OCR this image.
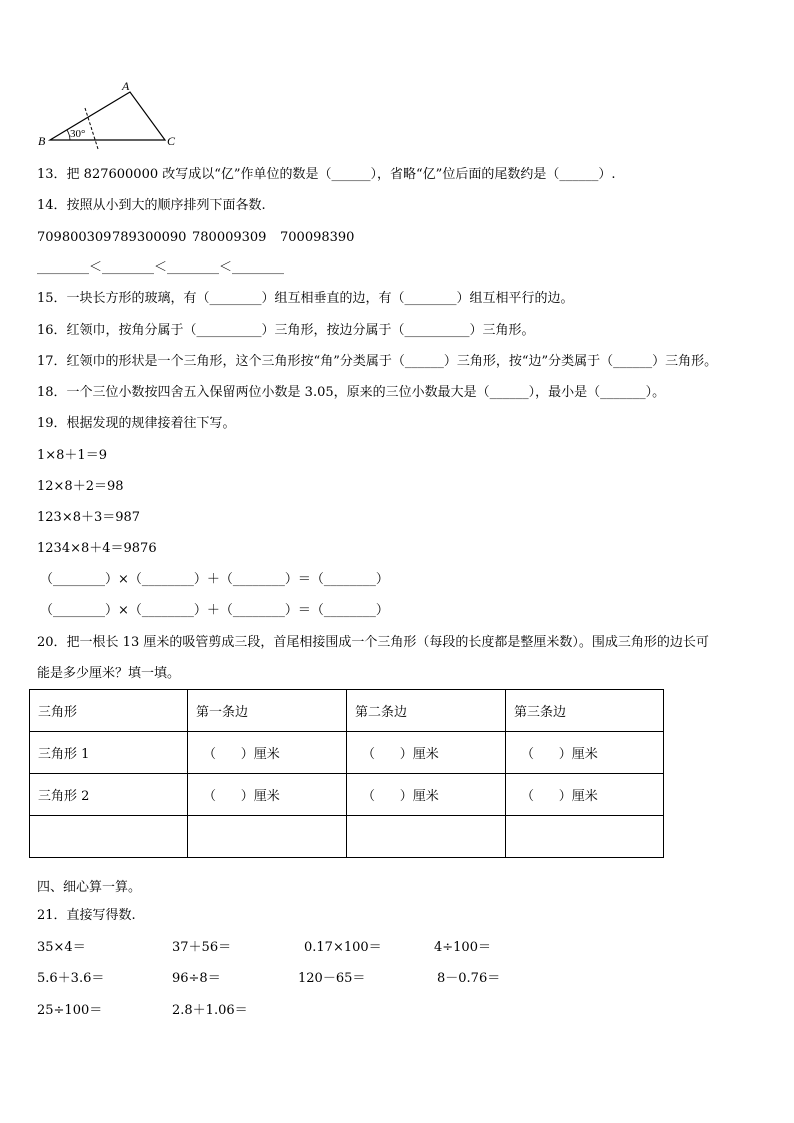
A
B	C
30°
13．把 827600000 改写成以“亿”作单位的数是（______），省略“亿”位后面的尾数约是（______）.
14．按照从小到大的顺序排列下面各数.
709800309 789300090 780009309 700098390
________＜________＜________＜________
15．一块长方形的玻璃，有（________）组互相垂直的边，有（________）组互相平行的边。
16．红领巾，按角分属于（__________）三角形，按边分属于（__________）三角形。
17．红领巾的形状是一个三角形，这个三角形按“角”分类属于（______）三角形，按“边”分类属于（______）三角形。
18．一个三位小数按四舍五入保留两位小数是 3.05，原来的三位小数最大是（______），最小是（_______）。
19．根据发现的规律接着往下写。
1×8＋1＝9
12×8＋2＝98
123×8＋3＝987
1234×8＋4＝9876
（________）×（________）＋（________）＝（________）
（________）×（________）＋（________）＝（________）
20．把一根长 13 厘米的吸管剪成三段，首尾相接围成一个三角形（每段的长度都是整厘米数）。围成三角形的边长可
能是多少厘米？填一填。
三角形	第一条边	第二条边	第三条边
三角形 1	（      ）厘米	（      ）厘米	（      ）厘米
三角形 2	（      ）厘米	（      ）厘米	（      ）厘米

四、细心算一算。
21．直接写得数.
35×4＝	37＋56＝	0.17×100＝	4÷100＝
5.6＋3.6＝	96÷8＝	120－65＝	8－0.76＝
25÷100＝	2.8＋1.06＝
